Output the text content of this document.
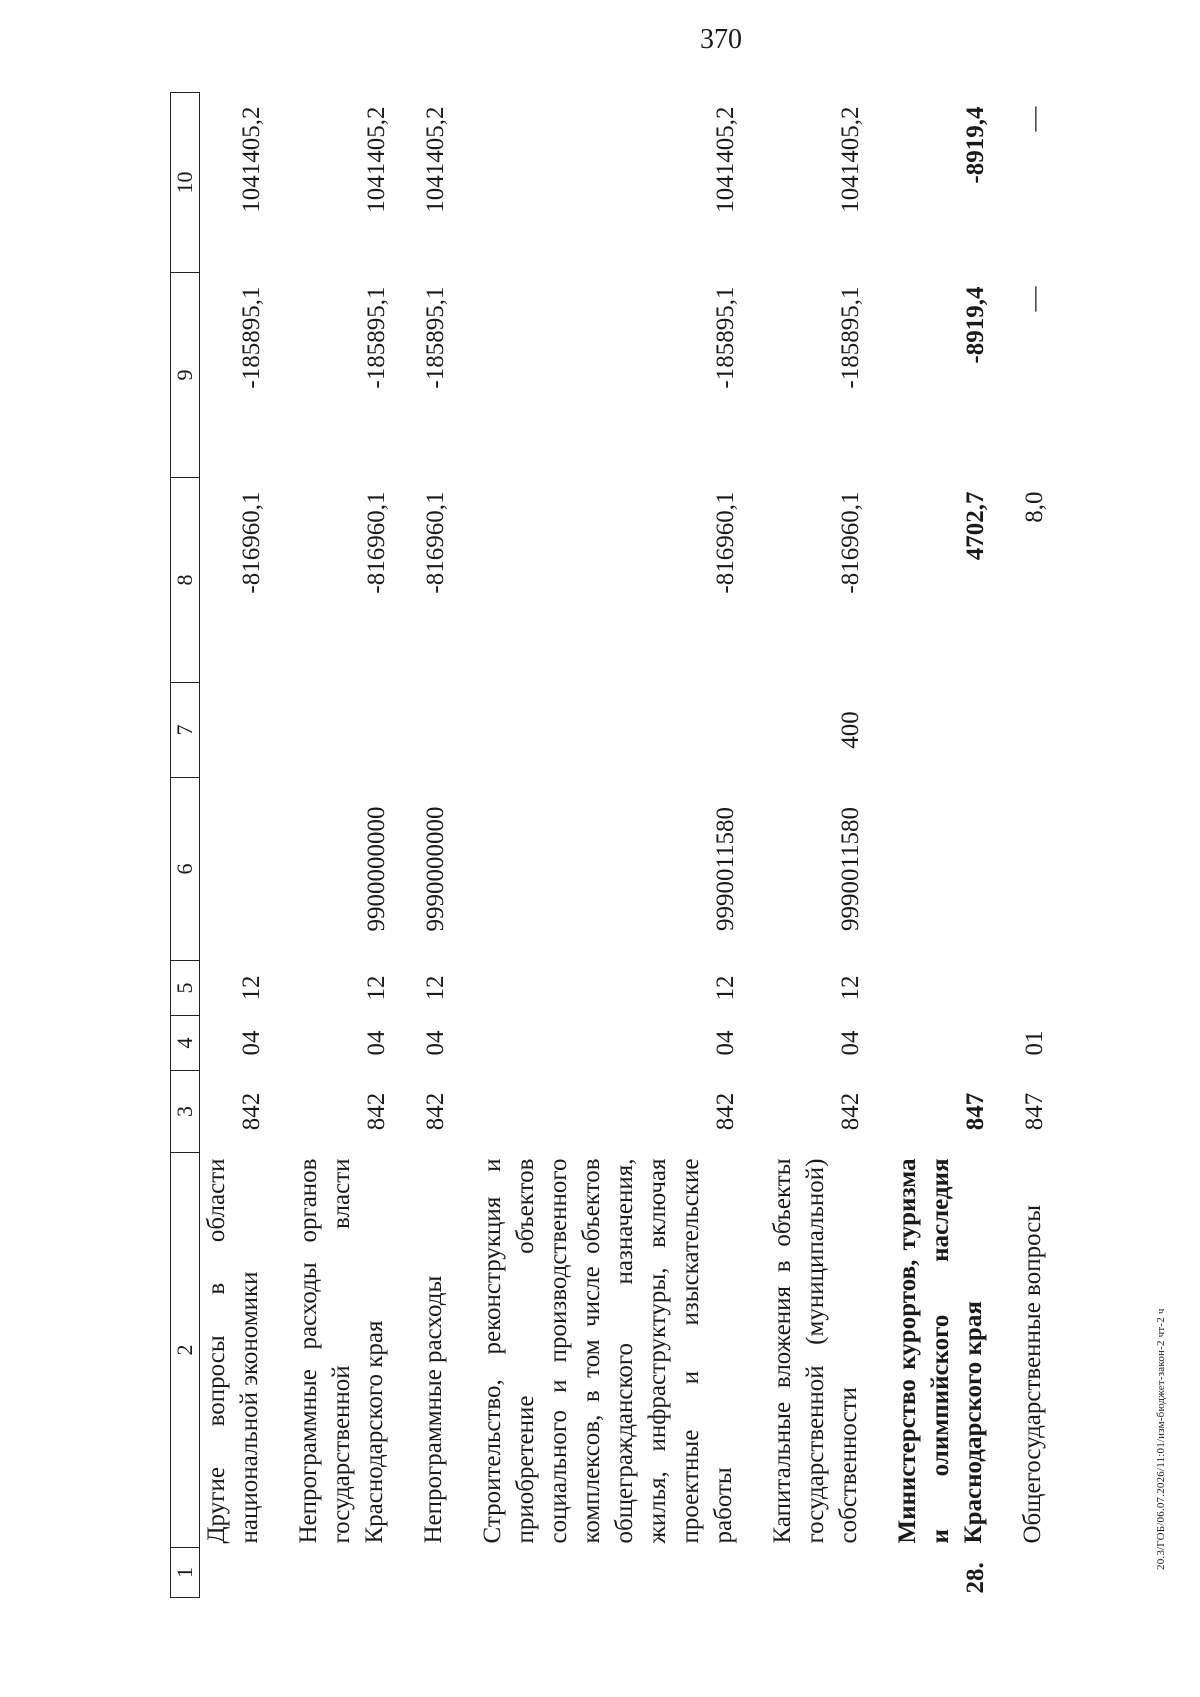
370
1	2	3	4	5	6	7	8	9	10
	Другие вопросы в области национальной экономики	842	04	12			-816960,1	-185895,1	1041405,2
	Непрограммные расходы органов государственной власти Краснодарского края	842	04	12	9900000000		-816960,1	-185895,1	1041405,2
	Непрограммные расходы	842	04	12	9990000000		-816960,1	-185895,1	1041405,2
	Строительство, реконструкция и приобретение объектов социального и производственного комплексов, в том числе объектов общегражданского назначения, жилья, инфраструктуры, включая проектные и изыскательские работы	842	04	12	9990011580		-816960,1	-185895,1	1041405,2
	Капитальные вложения в объекты государственной (муниципальной) собственности	842	04	12	9990011580	400	-816960,1	-185895,1	1041405,2
28.	Министерство курортов, туризма и олимпийского наследия Краснодарского края	847					4702,7	-8919,4	-8919,4
	Общегосударственные вопросы	847	01				8,0	—	—
20.3/ГОБ/06.07.2026/11:01/изм-бюджет-закон-2 чт-2 ч
